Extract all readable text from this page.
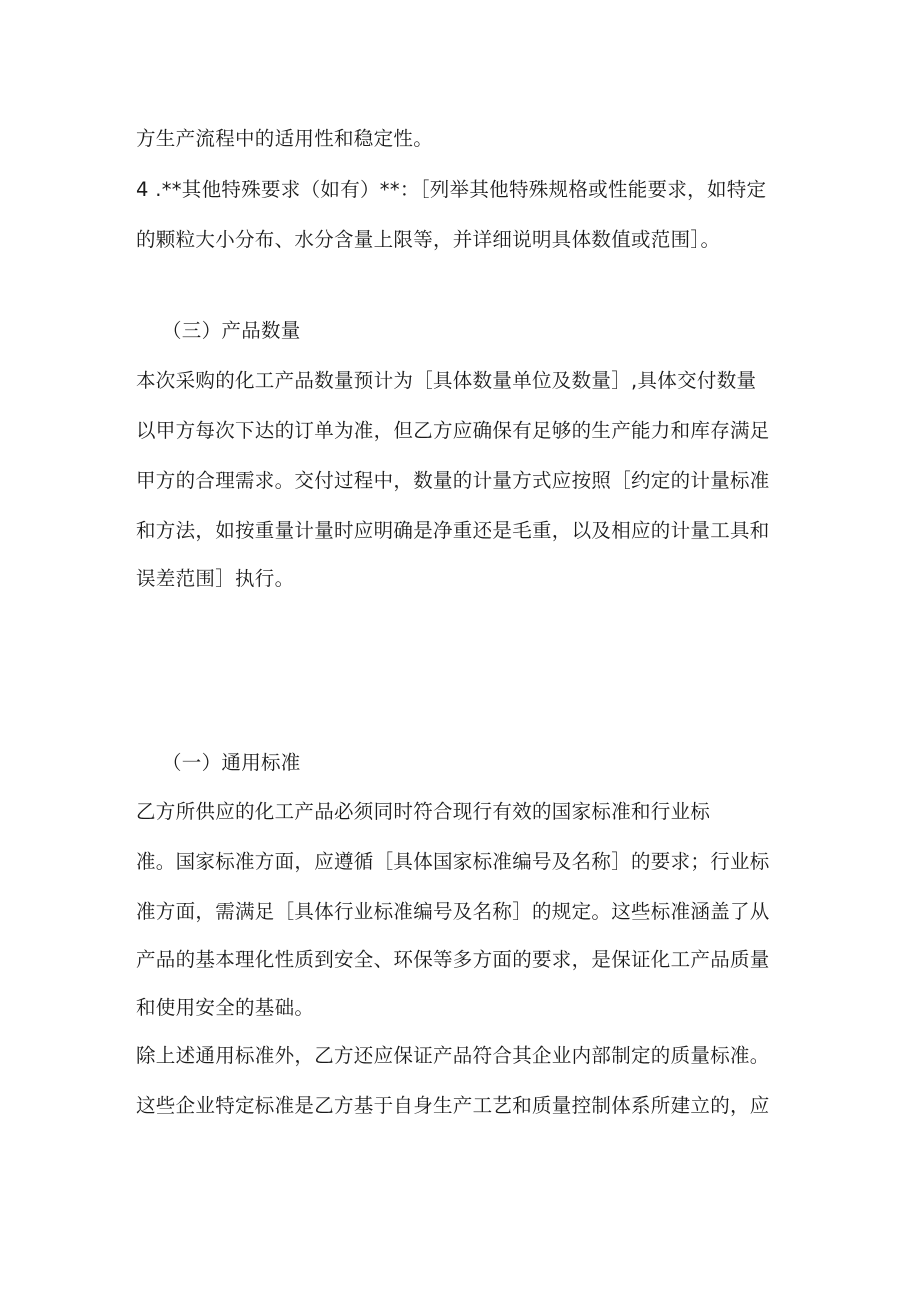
方生产流程中的适用性和稳定性。
4 .**其他特殊要求（如有）**：［列举其他特殊规格或性能要求，如特定
的颗粒大小分布、水分含量上限等，并详细说明具体数值或范围］。
（三）产品数量
本次采购的化工产品数量预计为［具体数量单位及数量］,具体交付数量
以甲方每次下达的订单为准，但乙方应确保有足够的生产能力和库存满足
甲方的合理需求。交付过程中，数量的计量方式应按照［约定的计量标准
和方法，如按重量计量时应明确是净重还是毛重，以及相应的计量工具和
误差范围］执行。
（一）通用标准
乙方所供应的化工产品必须同时符合现行有效的国家标准和行业标
准。国家标准方面，应遵循［具体国家标准编号及名称］的要求；行业标
准方面，需满足［具体行业标准编号及名称］的规定。这些标准涵盖了从
产品的基本理化性质到安全、环保等多方面的要求，是保证化工产品质量
和使用安全的基础。
除上述通用标准外，乙方还应保证产品符合其企业内部制定的质量标准。
这些企业特定标准是乙方基于自身生产工艺和质量控制体系所建立的，应
